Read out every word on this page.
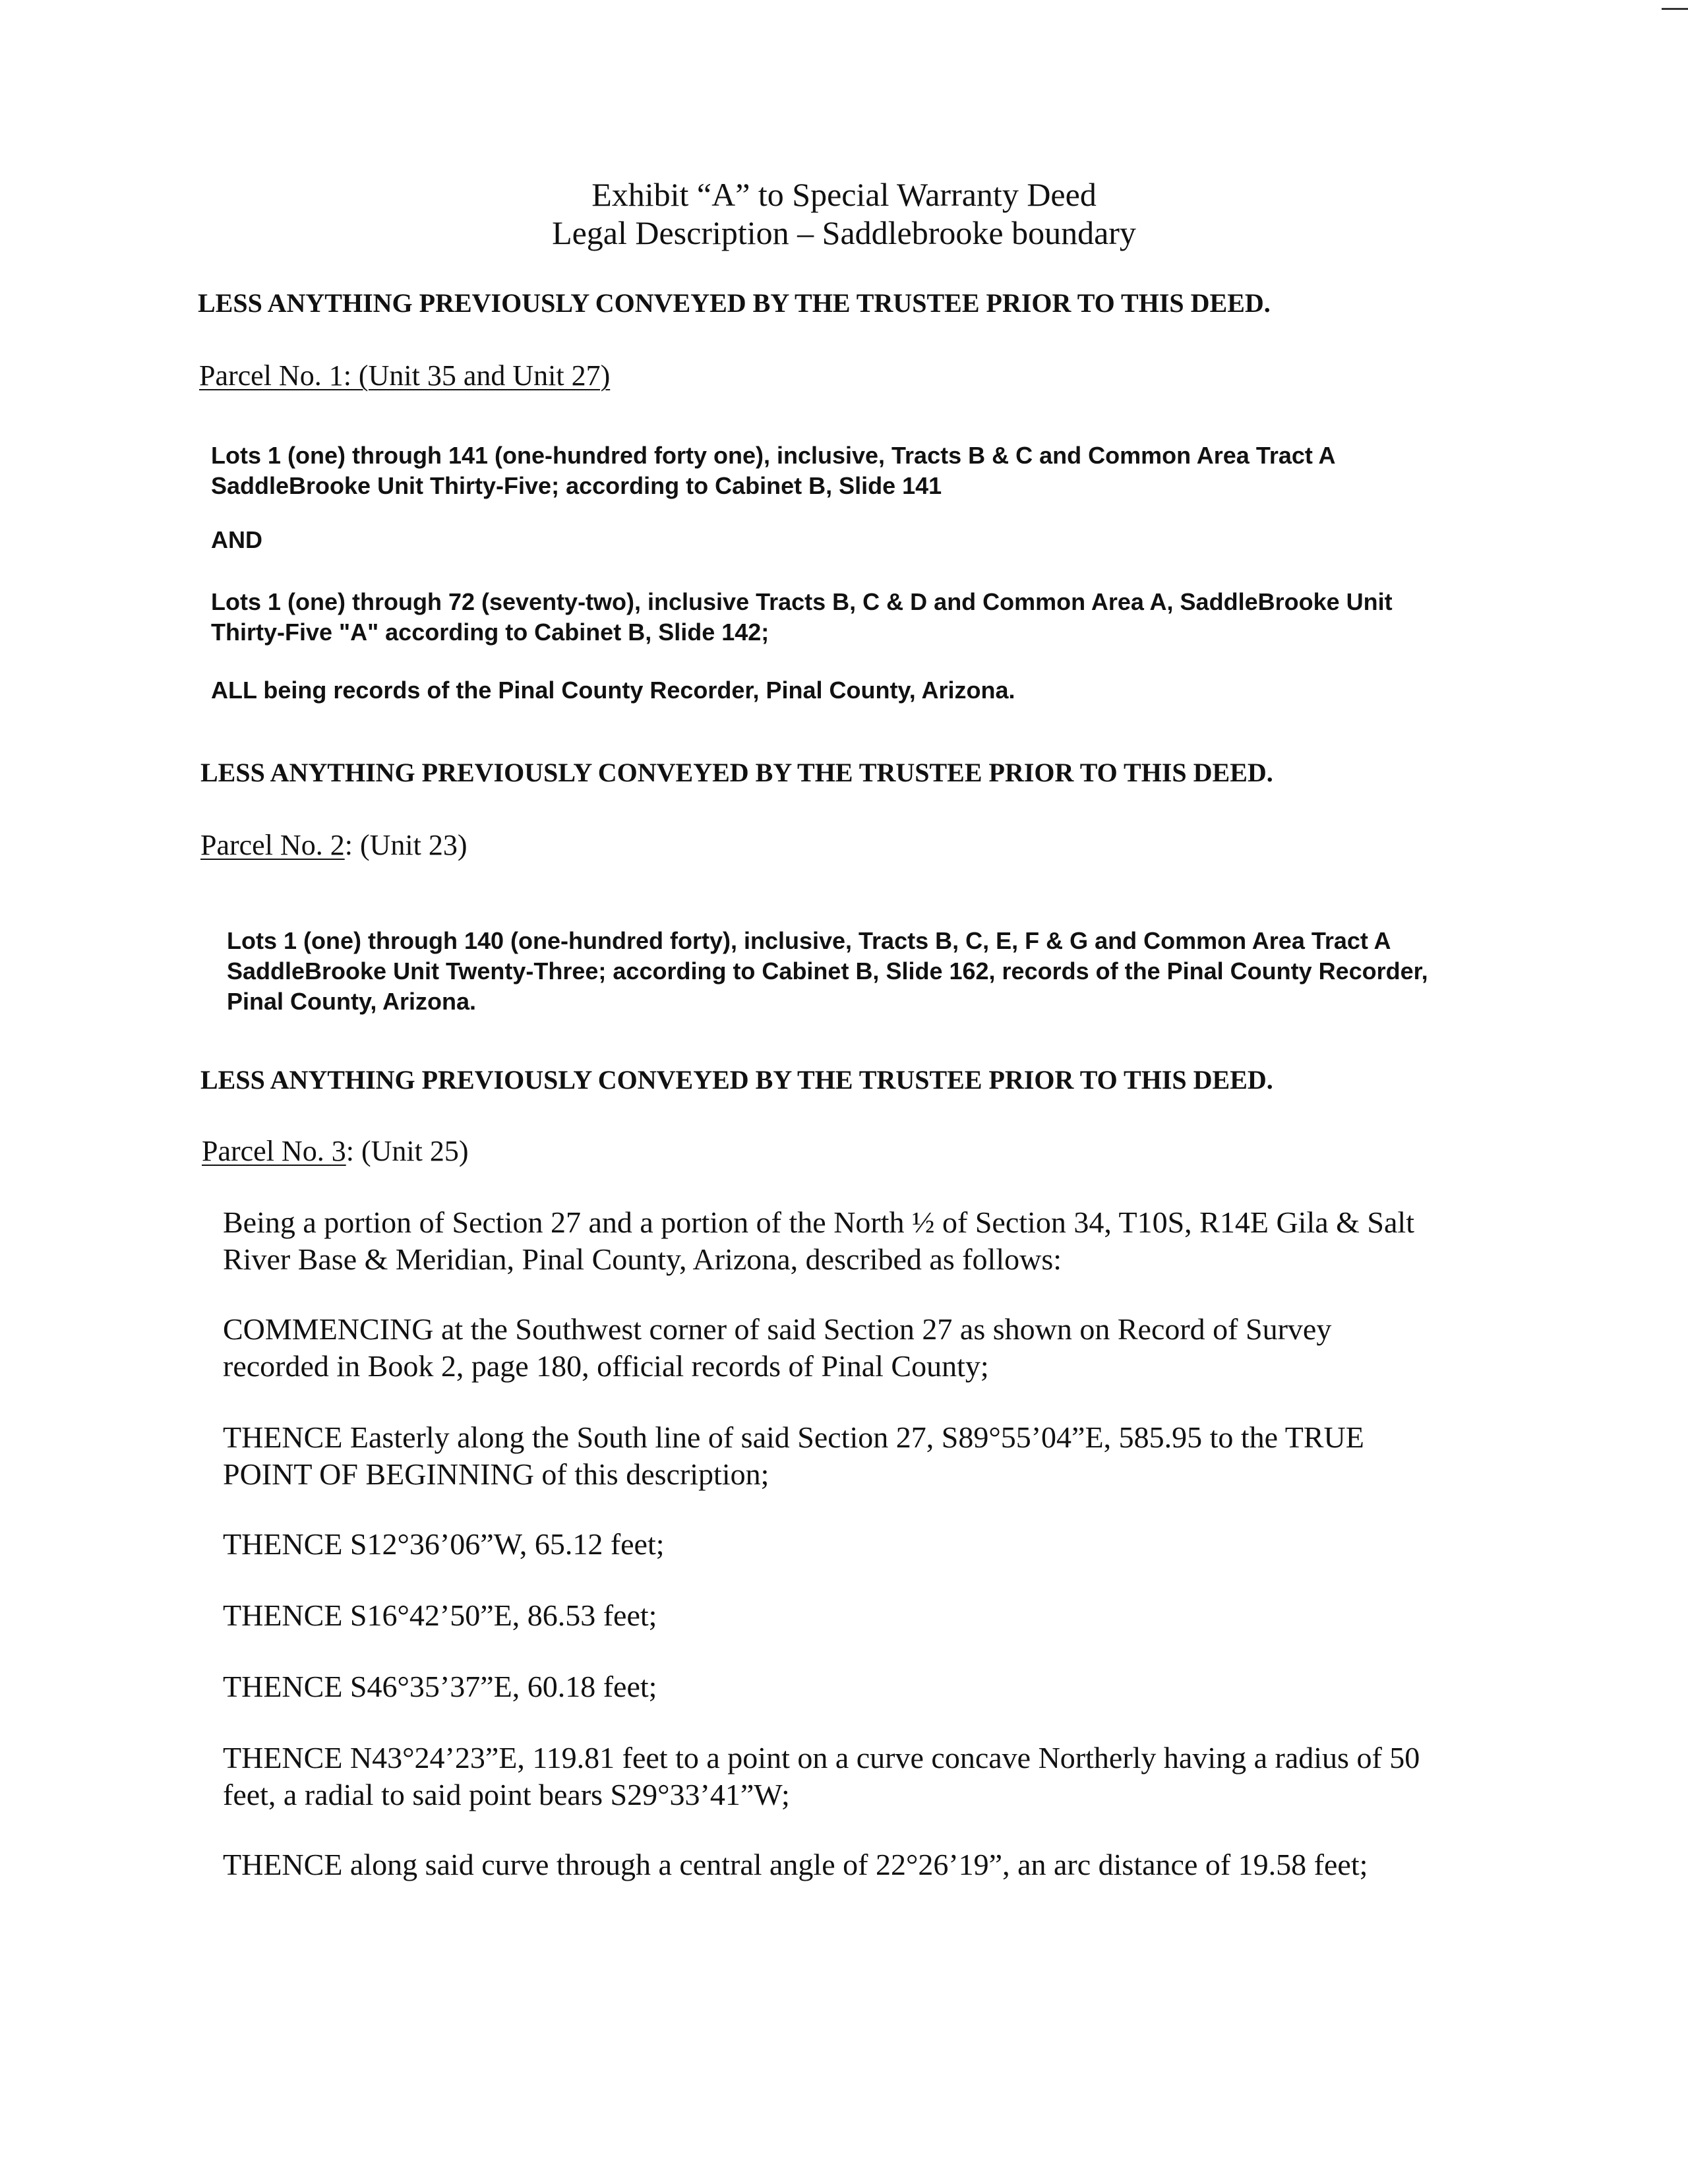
Exhibit “A” to Special Warranty Deed
Legal Description – Saddlebrooke boundary
LESS ANYTHING PREVIOUSLY CONVEYED BY THE TRUSTEE PRIOR TO THIS DEED.
Parcel No. 1: (Unit 35 and Unit 27)
Lots 1 (one) through 141 (one-hundred forty one), inclusive, Tracts B & C and Common Area Tract A
SaddleBrooke Unit Thirty-Five; according to Cabinet B, Slide 141
AND
Lots 1 (one) through 72 (seventy-two), inclusive Tracts B, C & D and Common Area A, SaddleBrooke Unit
Thirty-Five "A" according to Cabinet B, Slide 142;
ALL being records of the Pinal County Recorder, Pinal County, Arizona.
LESS ANYTHING PREVIOUSLY CONVEYED BY THE TRUSTEE PRIOR TO THIS DEED.
Parcel No. 2: (Unit 23)
Lots 1 (one) through 140 (one-hundred forty), inclusive, Tracts B, C, E, F & G and Common Area Tract A
SaddleBrooke Unit Twenty-Three; according to Cabinet B, Slide 162, records of the Pinal County Recorder,
Pinal County, Arizona.
LESS ANYTHING PREVIOUSLY CONVEYED BY THE TRUSTEE PRIOR TO THIS DEED.
Parcel No. 3: (Unit 25)
Being a portion of Section 27 and a portion of the North ½ of Section 34, T10S, R14E Gila & Salt
River Base & Meridian, Pinal County, Arizona, described as follows:
COMMENCING at the Southwest corner of said Section 27 as shown on Record of Survey
recorded in Book 2, page 180, official records of Pinal County;
THENCE Easterly along the South line of said Section 27, S89°55’04”E, 585.95 to the TRUE
POINT OF BEGINNING of this description;
THENCE S12°36’06”W, 65.12 feet;
THENCE S16°42’50”E, 86.53 feet;
THENCE S46°35’37”E, 60.18 feet;
THENCE N43°24’23”E, 119.81 feet to a point on a curve concave Northerly having a radius of 50
feet, a radial to said point bears S29°33’41”W;
THENCE along said curve through a central angle of 22°26’19”, an arc distance of 19.58 feet;
